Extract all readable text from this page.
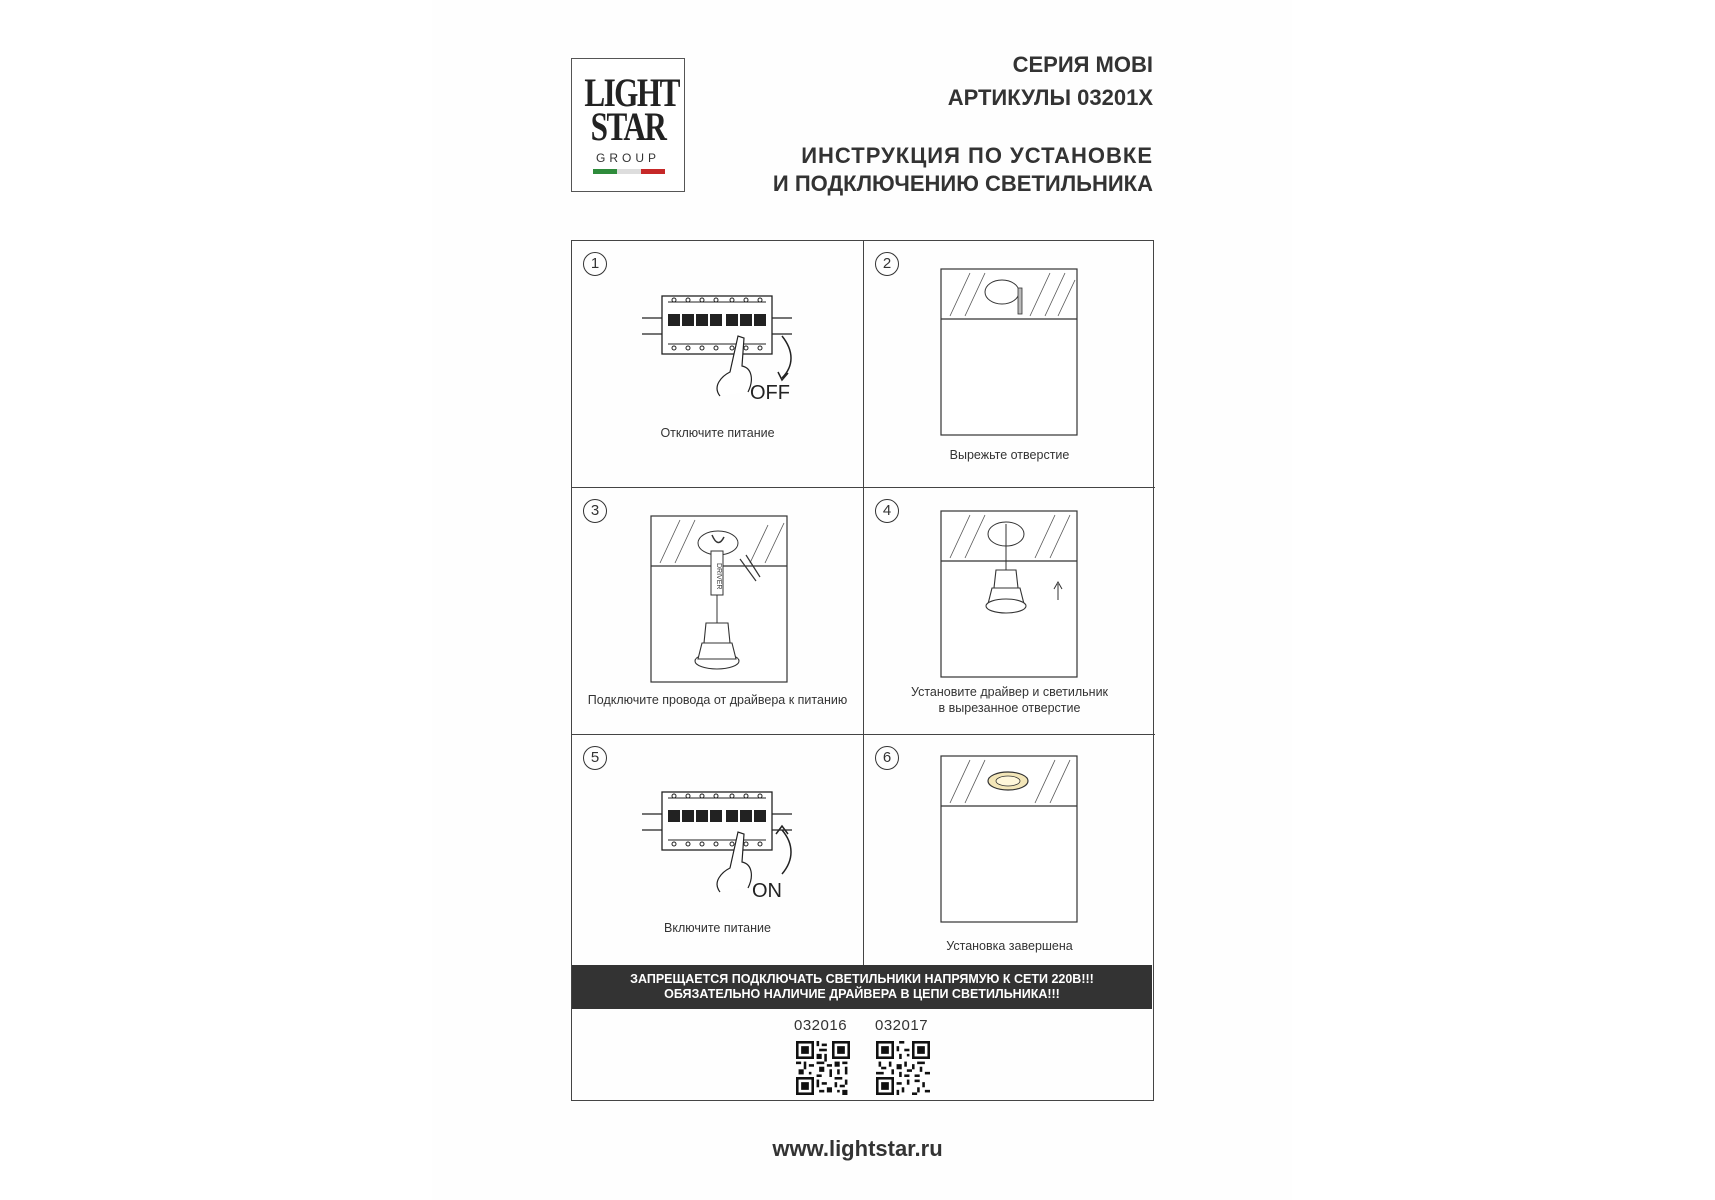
LIGHT
STAR
GROUP
СЕРИЯ MOBI
АРТИКУЛЫ 03201X
ИНСТРУКЦИЯ ПО УСТАНОВКЕ
И ПОДКЛЮЧЕНИЮ СВЕТИЛЬНИКА
1
OFF
Отключите питание
2
Вырежьте отверстие
3
DRIVER
Подключите провода от драйвера к питанию
4
Установите драйвер и светильник
в вырезанное отверстие
5
ON
Включите питание
6
Установка завершена
ЗАПРЕЩАЕТСЯ ПОДКЛЮЧАТЬ СВЕТИЛЬНИКИ НАПРЯМУЮ К СЕТИ 220В!!!
ОБЯЗАТЕЛЬНО НАЛИЧИЕ ДРАЙВЕРА В ЦЕПИ СВЕТИЛЬНИКА!!!
032016 032017
www.lightstar.ru
